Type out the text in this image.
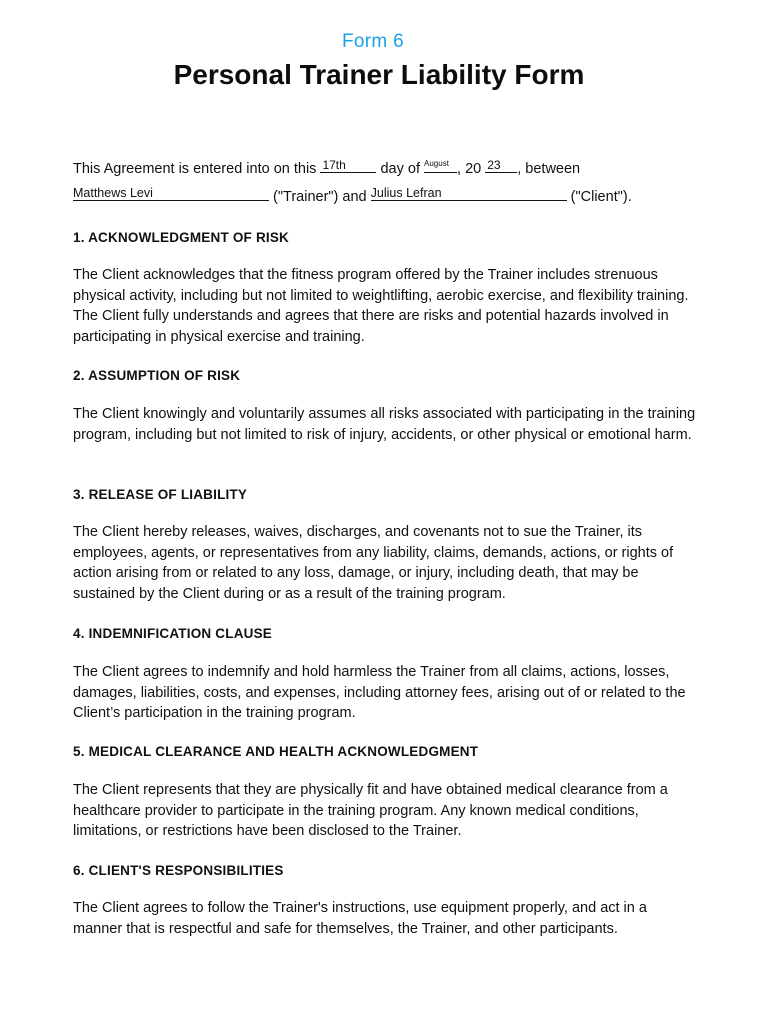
Form 6
Personal Trainer Liability Form
This Agreement is entered into on this 17th day of August , 20 23 , between
Matthews Levi	("Trainer") and Julius Lefran	("Client").
1. ACKNOWLEDGMENT OF RISK

The Client acknowledges that the fitness program offered by the Trainer includes strenuous physical activity, including but not limited to weightlifting, aerobic exercise, and flexibility training. The Client fully understands and agrees that there are risks and potential hazards involved in participating in physical exercise and training.

2. ASSUMPTION OF RISK

The Client knowingly and voluntarily assumes all risks associated with participating in the training program, including but not limited to risk of injury, accidents, or other physical or emotional harm.

3. RELEASE OF LIABILITY

The Client hereby releases, waives, discharges, and covenants not to sue the Trainer, its employees, agents, or representatives from any liability, claims, demands, actions, or rights of action arising from or related to any loss, damage, or injury, including death, that may be sustained by the Client during or as a result of the training program.

4. INDEMNIFICATION CLAUSE

The Client agrees to indemnify and hold harmless the Trainer from all claims, actions, losses, damages, liabilities, costs, and expenses, including attorney fees, arising out of or related to the Client’s participation in the training program.

5. MEDICAL CLEARANCE AND HEALTH ACKNOWLEDGMENT

The Client represents that they are physically fit and have obtained medical clearance from a healthcare provider to participate in the training program. Any known medical conditions, limitations, or restrictions have been disclosed to the Trainer.

6. CLIENT'S RESPONSIBILITIES

The Client agrees to follow the Trainer's instructions, use equipment properly, and act in a manner that is respectful and safe for themselves, the Trainer, and other participants.
